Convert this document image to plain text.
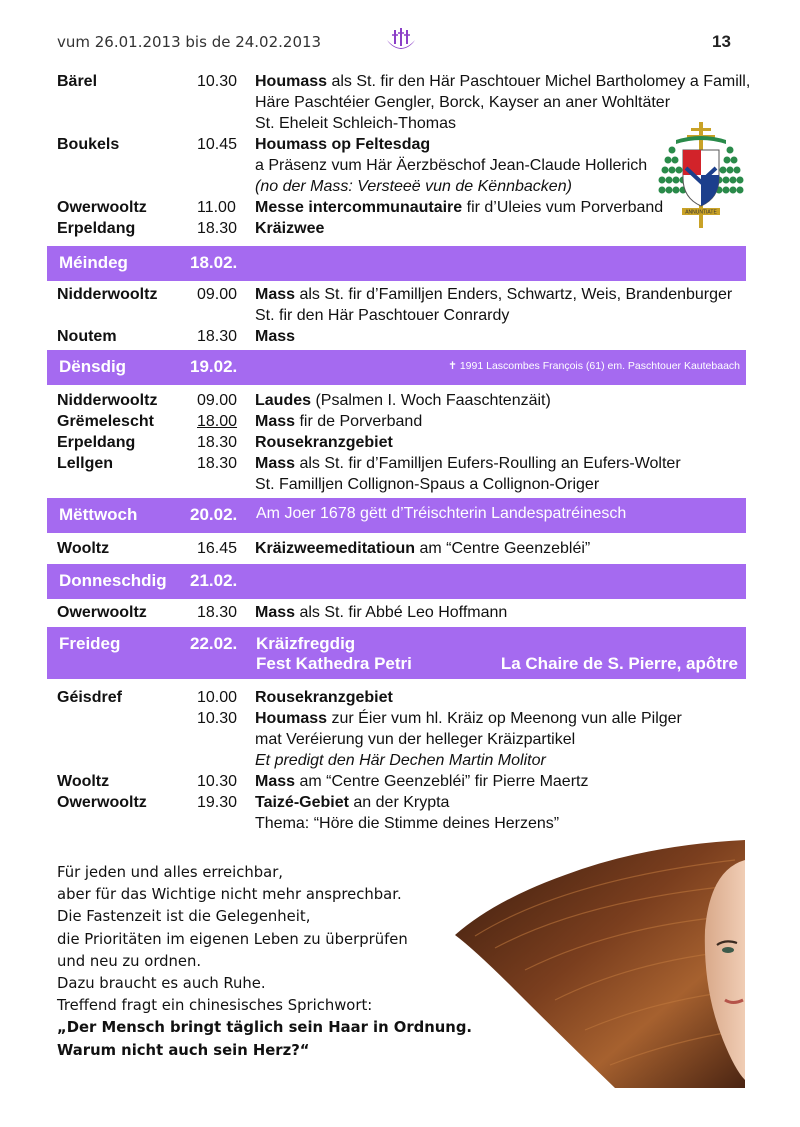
vum 26.01.2013 bis de 24.02.2013	13
ANNUNTIATE
Bärel	10.30	Houmass als St. fir den Här Paschtouer Michel Bartholomey a Famill,
Häre Paschtéier Gengler, Borck, Kayser an aner Wohltäter
St. Eheleit Schleich-Thomas
Boukels	10.45	Houmass op Feltesdag
a Präsenz vum Här Äerzbëschof Jean-Claude Hollerich
(no der Mass: Versteeë vun de Kënnbacken)
Owerwooltz	11.00	Messe intercommunautaire fir d’Uleies vum Porverband
Erpeldang	18.30	Kräizwee
Méindeg	18.02.
Nidderwooltz	09.00	Mass als St. fir d’Familljen Enders, Schwartz, Weis, Brandenburger
St. fir den Här Paschtouer Conrardy
Noutem	18.30	Mass
Dënsdig	19.02.	✝ 1991 Lascombes François (61) em. Paschtouer Kautebaach
Nidderwooltz	09.00	Laudes (Psalmen I. Woch Faaschtenzäit)
Grëmelescht	18.00	Mass fir de Porverband
Erpeldang	18.30	Rousekranzgebiet
Lellgen	18.30	Mass als St. fir d’Familljen Eufers-Roulling an Eufers-Wolter
St. Familljen Collignon-Spaus a Collignon-Origer
Mëttwoch	20.02. Am Joer 1678 gëtt d’Tréischterin Landespatréinesch
Wooltz	16.45	Kräizweemeditatioun am “Centre Geenzebléi”
Donneschdig 21.02.
Owerwooltz	18.30	Mass als St. fir Abbé Leo Hoffmann
Freideg	22.02. Kräizfregdig
Fest Kathedra Petri	La Chaire de S. Pierre, apôtre
Géisdref	10.00	Rousekranzgebiet
10.30	Houmass zur Éier vum hl. Kräiz op Meenong vun alle Pilger
mat Veréierung vun der helleger Kräizpartikel
Et predigt den Här Dechen Martin Molitor
Wooltz	10.30	Mass am “Centre Geenzebléi” fir Pierre Maertz
Owerwooltz	19.30	Taizé-Gebiet an der Krypta
Thema: “Höre die Stimme deines Herzens”
Für jeden und alles erreichbar,
aber für das Wichtige nicht mehr ansprechbar.
Die Fastenzeit ist die Gelegenheit,
die Prioritäten im eigenen Leben zu überprüfen
und neu zu ordnen.
Dazu braucht es auch Ruhe.
Treffend fragt ein chinesisches Sprichwort:
„Der Mensch bringt täglich sein Haar in Ordnung.
Warum nicht auch sein Herz?“
